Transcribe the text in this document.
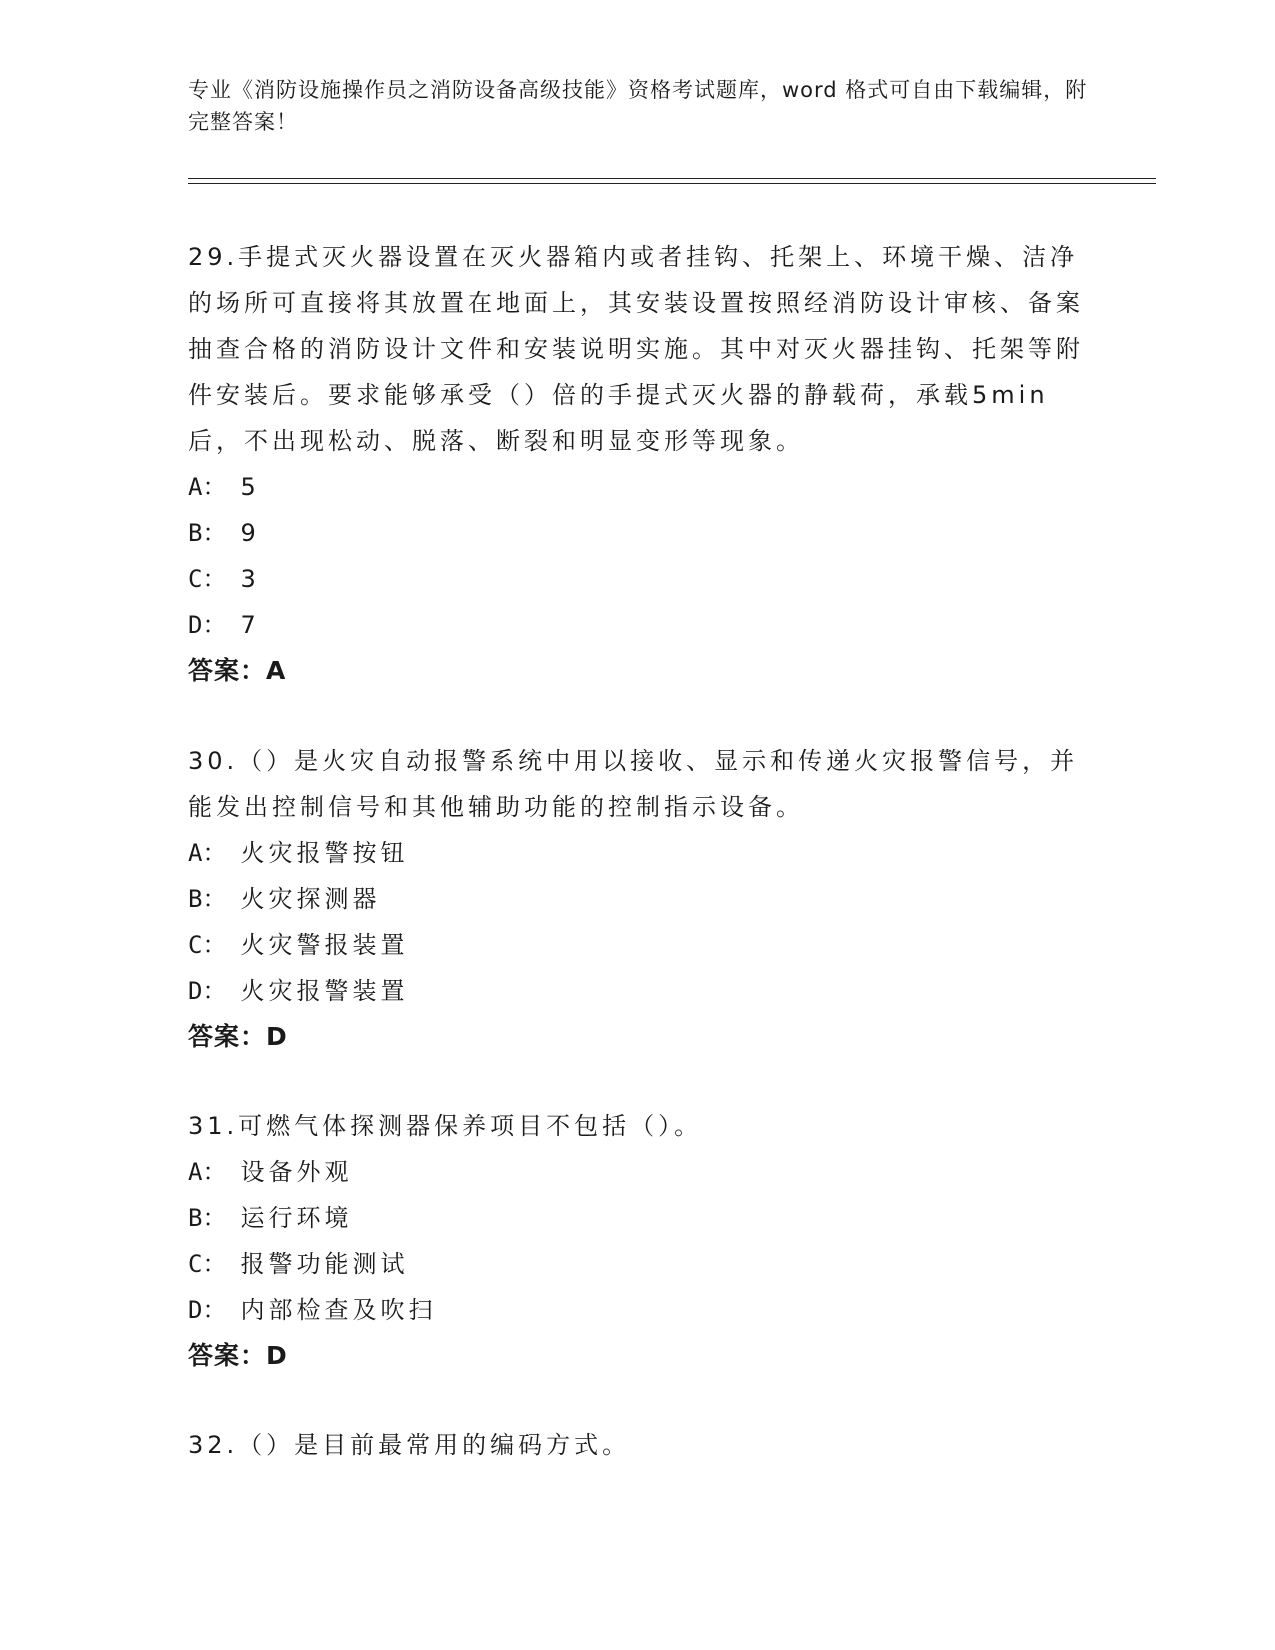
专业《消防设施操作员之消防设备高级技能》资格考试题库，word 格式可自由下载编辑，附完整答案！

29.手提式灭火器设置在灭火器箱内或者挂钩、托架上、环境干燥、洁净的场所可直接将其放置在地面上，其安装设置按照经消防设计审核、备案抽查合格的消防设计文件和安装说明实施。其中对灭火器挂钩、托架等附件安装后。要求能够承受（）倍的手提式灭火器的静载荷，承载5min后，不出现松动、脱落、断裂和明显变形等现象。

A： 5

B： 9

C： 3

D： 7

答案：A

30.（）是火灾自动报警系统中用以接收、显示和传递火灾报警信号，并能发出控制信号和其他辅助功能的控制指示设备。

A： 火灾报警按钮

B： 火灾探测器

C： 火灾警报装置

D： 火灾报警装置

答案：D

31.可燃气体探测器保养项目不包括（）。

A： 设备外观

B： 运行环境

C： 报警功能测试

D： 内部检查及吹扫

答案：D

32.（）是目前最常用的编码方式。
